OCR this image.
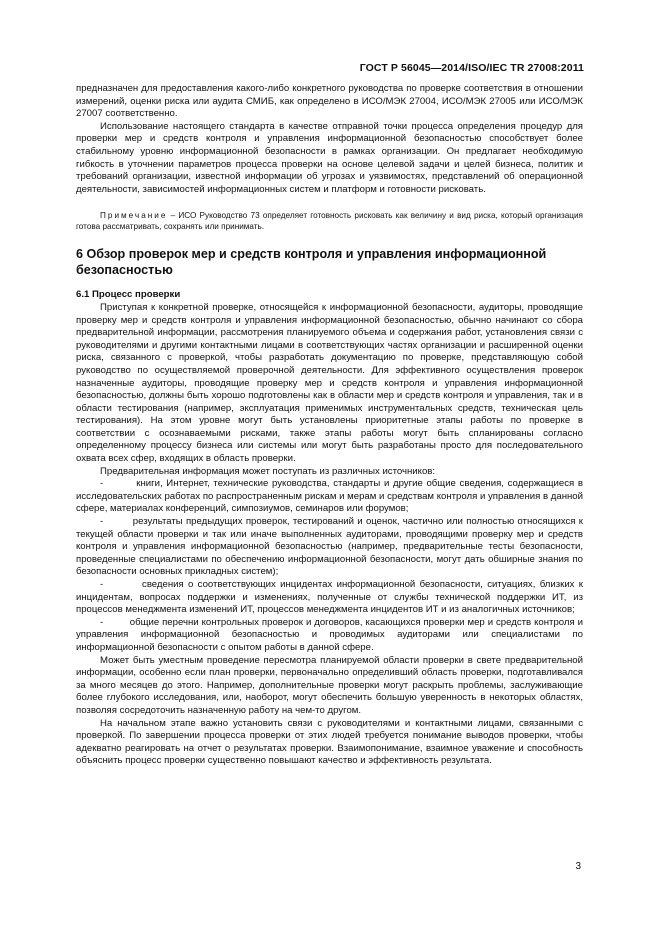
ГОСТ Р 56045—2014/ISO/IEC TR 27008:2011

предназначен для предоставления какого-либо конкретного руководства по проверке соответствия в отношении измерений, оценки риска или аудита СМИБ, как определено в ИСО/МЭК 27004, ИСО/МЭК 27005 или ИСО/МЭК 27007 соответственно.

Использование настоящего стандарта в качестве отправной точки процесса определения процедур для проверки мер и средств контроля и управления информационной безопасностью способствует более стабильному уровню информационной безопасности в рамках организации. Он предлагает необходимую гибкость в уточнении параметров процесса проверки на основе целевой задачи и целей бизнеса, политик и требований организации, известной информации об угрозах и уязвимостях, представлений об операционной деятельности, зависимостей информационных систем и платформ и готовности рисковать.

Примечание – ИСО Руководство 73 определяет готовность рисковать как величину и вид риска, который организация готова рассматривать, сохранять или принимать.

6 Обзор проверок мер и средств контроля и управления информационной безопасностью

6.1 Процесс проверки

Приступая к конкретной проверке, относящейся к информационной безопасности, аудиторы, проводящие проверку мер и средств контроля и управления информационной безопасностью, обычно начинают со сбора предварительной информации, рассмотрения планируемого объема и содержания работ, установления связи с руководителями и другими контактными лицами в соответствующих частях организации и расширенной оценки риска, связанного с проверкой, чтобы разработать документацию по проверке, представляющую собой руководство по осуществляемой проверочной деятельности. Для эффективного осуществления проверок назначенные аудиторы, проводящие проверку мер и средств контроля и управления информационной безопасностью, должны быть хорошо подготовлены как в области мер и средств контроля и управления, так и в области тестирования (например, эксплуатация применимых инструментальных средств, техническая цель тестирования). На этом уровне могут быть установлены приоритетные этапы работы по проверке в соответствии с осознаваемыми рисками, также этапы работы могут быть спланированы согласно определенному процессу бизнеса или системы или могут быть разработаны просто для последовательного охвата всех сфер, входящих в область проверки.

Предварительная информация может поступать из различных источников:

-	книги, Интернет, технические руководства, стандарты и другие общие сведения, содержащиеся в исследовательских работах по распространенным рискам и мерам и средствам контроля и управления в данной сфере, материалах конференций, симпозиумов, семинаров или форумов;

-	результаты предыдущих проверок, тестирований и оценок, частично или полностью относящихся к текущей области проверки и так или иначе выполненных аудиторами, проводящими проверку мер и средств контроля и управления информационной безопасностью (например, предварительные тесты безопасности, проведенные специалистами по обеспечению информационной безопасности, могут дать обширные знания по безопасности основных прикладных систем);

-	сведения о соответствующих инцидентах информационной безопасности, ситуациях, близких к инцидентам, вопросах поддержки и изменениях, полученные от службы технической поддержки ИТ, из процессов менеджмента изменений ИТ, процессов менеджмента инцидентов ИТ и из аналогичных источников;

-	общие перечни контрольных проверок и договоров, касающихся проверки мер и средств контроля и управления информационной безопасностью и проводимых аудиторами или специалистами по информационной безопасности с опытом работы в данной сфере.

Может быть уместным проведение пересмотра планируемой области проверки в свете предварительной информации, особенно если план проверки, первоначально определивший область проверки, подготавливался за много месяцев до этого. Например, дополнительные проверки могут раскрыть проблемы, заслуживающие более глубокого исследования, или, наоборот, могут обеспечить большую уверенность в некоторых областях, позволяя сосредоточить назначенную работу на чем-то другом.

На начальном этапе важно установить связи с руководителями и контактными лицами, связанными с проверкой. По завершении процесса проверки от этих людей требуется понимание выводов проверки, чтобы адекватно реагировать на отчет о результатах проверки. Взаимопонимание, взаимное уважение и способность объяснить процесс проверки существенно повышают качество и эффективность результата.

3
